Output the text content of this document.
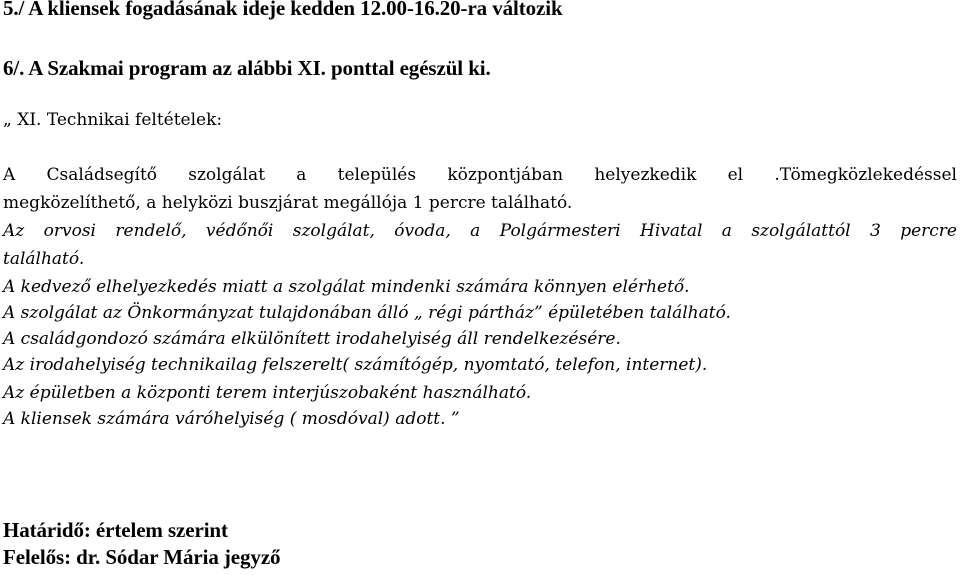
5./ A kliensek fogadásának ideje kedden 12.00-16.20-ra változik
6/. A Szakmai program az alábbi XI. ponttal egészül ki.
„ XI. Technikai feltételek:
A Családsegítő szolgálat a település központjában helyezkedik el .Tömegközlekedéssel
megközelíthető, a helyközi buszjárat megállója 1 percre található.
Az orvosi rendelő, védőnői szolgálat, óvoda, a Polgármesteri Hivatal a szolgálattól 3 percre
található.
A kedvező elhelyezkedés miatt a szolgálat mindenki számára könnyen elérhető.
A szolgálat az Önkormányzat tulajdonában álló „ régi pártház” épületében található.
A családgondozó számára elkülönített irodahelyiség áll rendelkezésére.
Az irodahelyiség technikailag felszerelt( számítógép, nyomtató, telefon, internet).
Az épületben a központi terem interjúszobaként használható.
A kliensek számára váróhelyiség ( mosdóval) adott. ”
Határidő: értelem szerint
Felelős: dr. Sódar Mária jegyző
